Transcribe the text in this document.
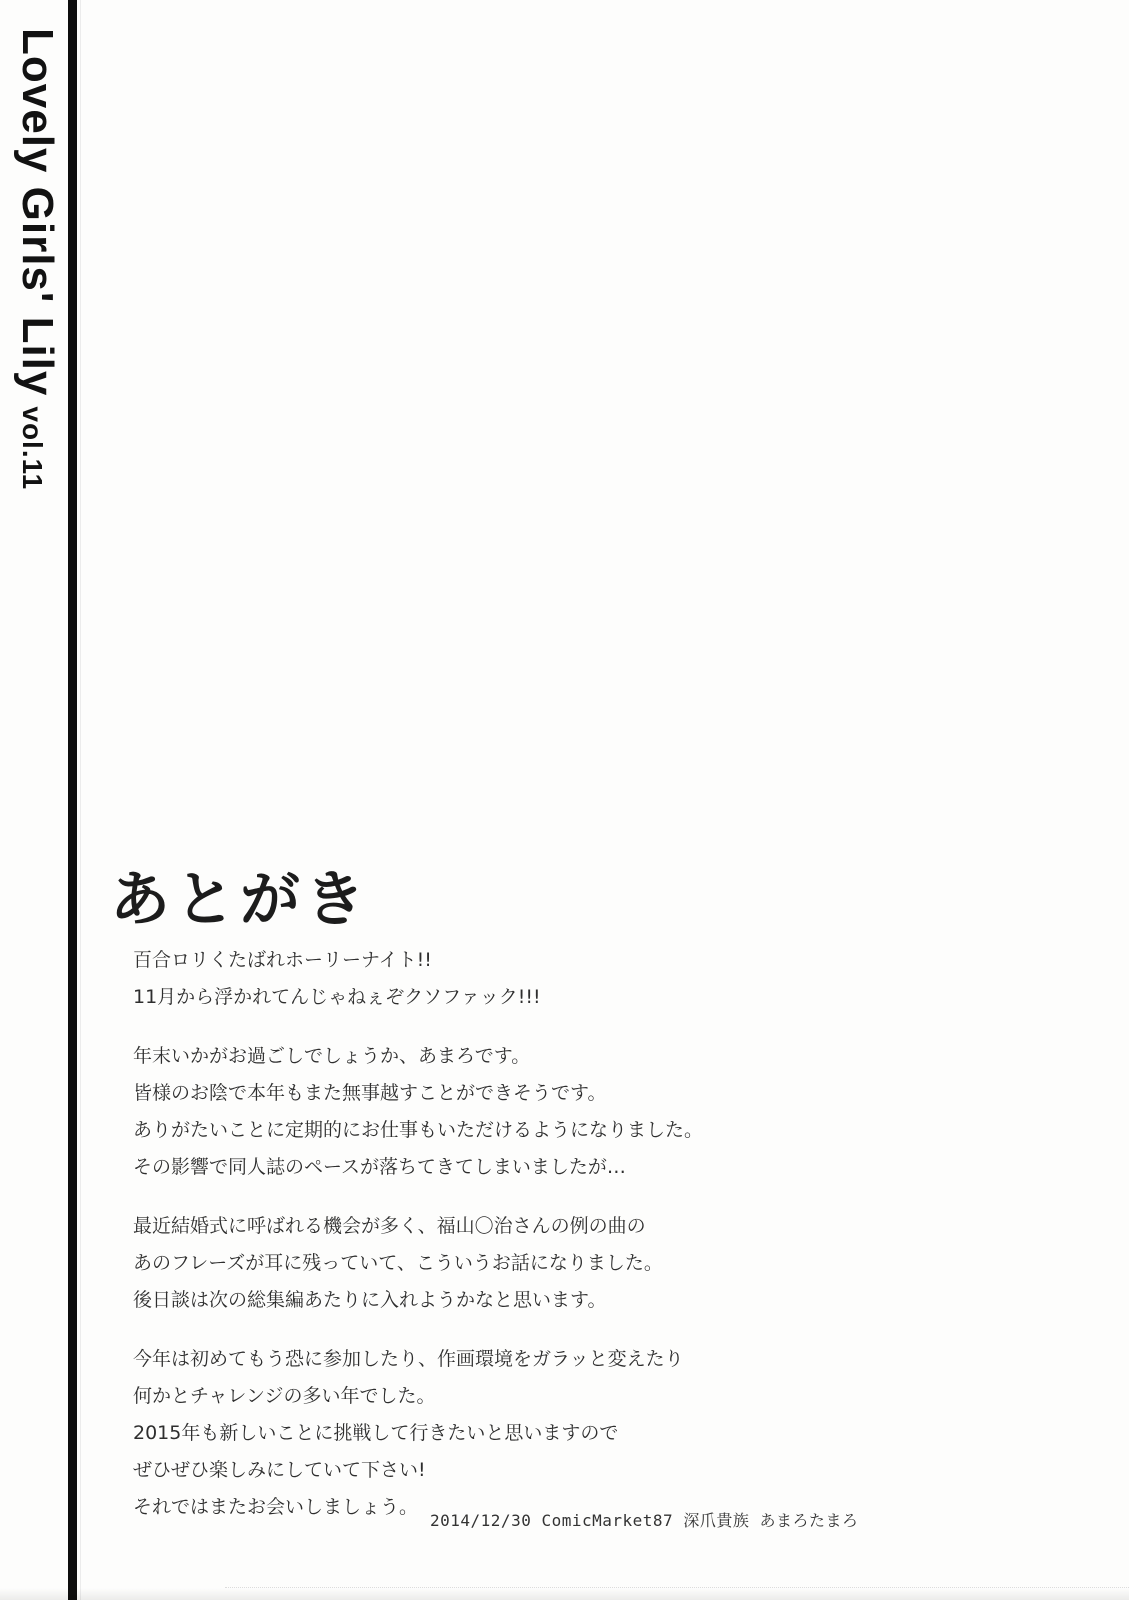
Lovely Girls' Lilyvol.11
あとがき
百合ロリくたばれホーリーナイト!!
11月から浮かれてんじゃねぇぞクソファック!!!
年末いかがお過ごしでしょうか、あまろです。
皆様のお陰で本年もまた無事越すことができそうです。
ありがたいことに定期的にお仕事もいただけるようになりました。
その影響で同人誌のペースが落ちてきてしまいましたが…
最近結婚式に呼ばれる機会が多く、福山〇治さんの例の曲の
あのフレーズが耳に残っていて、こういうお話になりました。
後日談は次の総集編あたりに入れようかなと思います。
今年は初めてもう恐に参加したり、作画環境をガラッと変えたり
何かとチャレンジの多い年でした。
2015年も新しいことに挑戦して行きたいと思いますので
ぜひぜひ楽しみにしていて下さい!
それではまたお会いしましょう。
2014/12/30 ComicMarket87 深爪貴族 あまろたまろ
